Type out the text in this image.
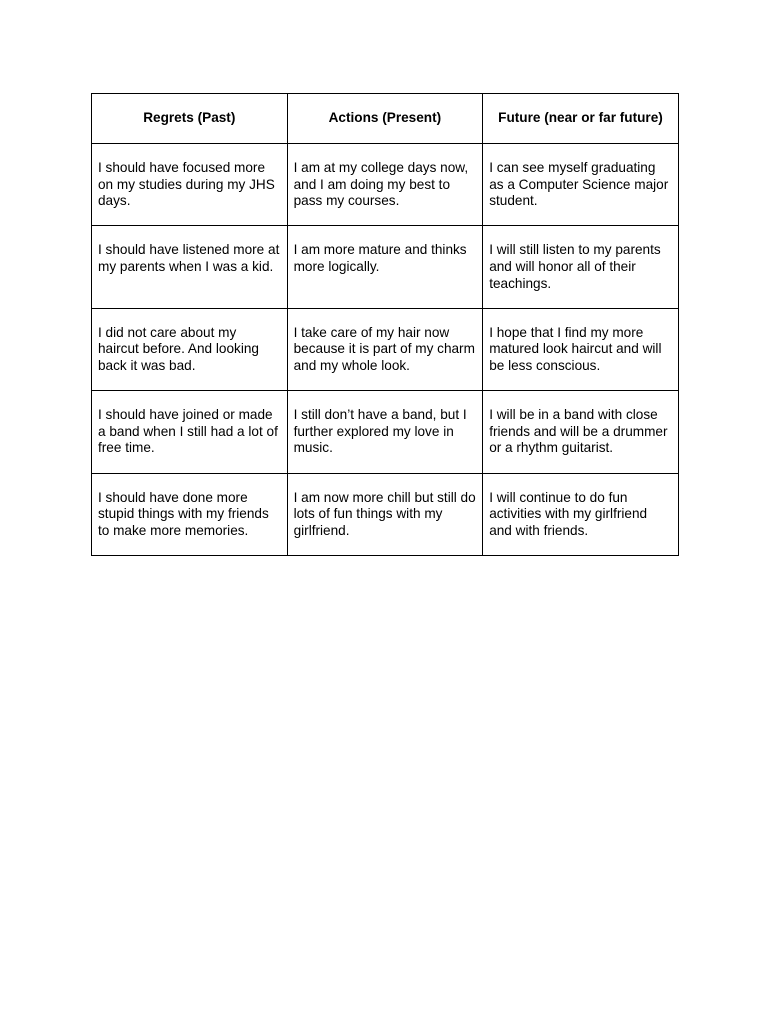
Regrets (Past)	Actions (Present)	Future (near or far future)
I should have focused more on my studies during my JHS days.	I am at my college days now, and I am doing my best to pass my courses.	I can see myself graduating as a Computer Science major student.
I should have listened more at my parents when I was a kid.	I am more mature and thinks more logically.	I will still listen to my parents and will honor all of their teachings.
I did not care about my haircut before. And looking back it was bad.	I take care of my hair now because it is part of my charm and my whole look.	I hope that I find my more matured look haircut and will be less conscious.
I should have joined or made a band when I still had a lot of free time.	I still don’t have a band, but I further explored my love in music.	I will be in a band with close friends and will be a drummer or a rhythm guitarist.
I should have done more stupid things with my friends to make more memories.	I am now more chill but still do lots of fun things with my girlfriend.	I will continue to do fun activities with my girlfriend and with friends.
